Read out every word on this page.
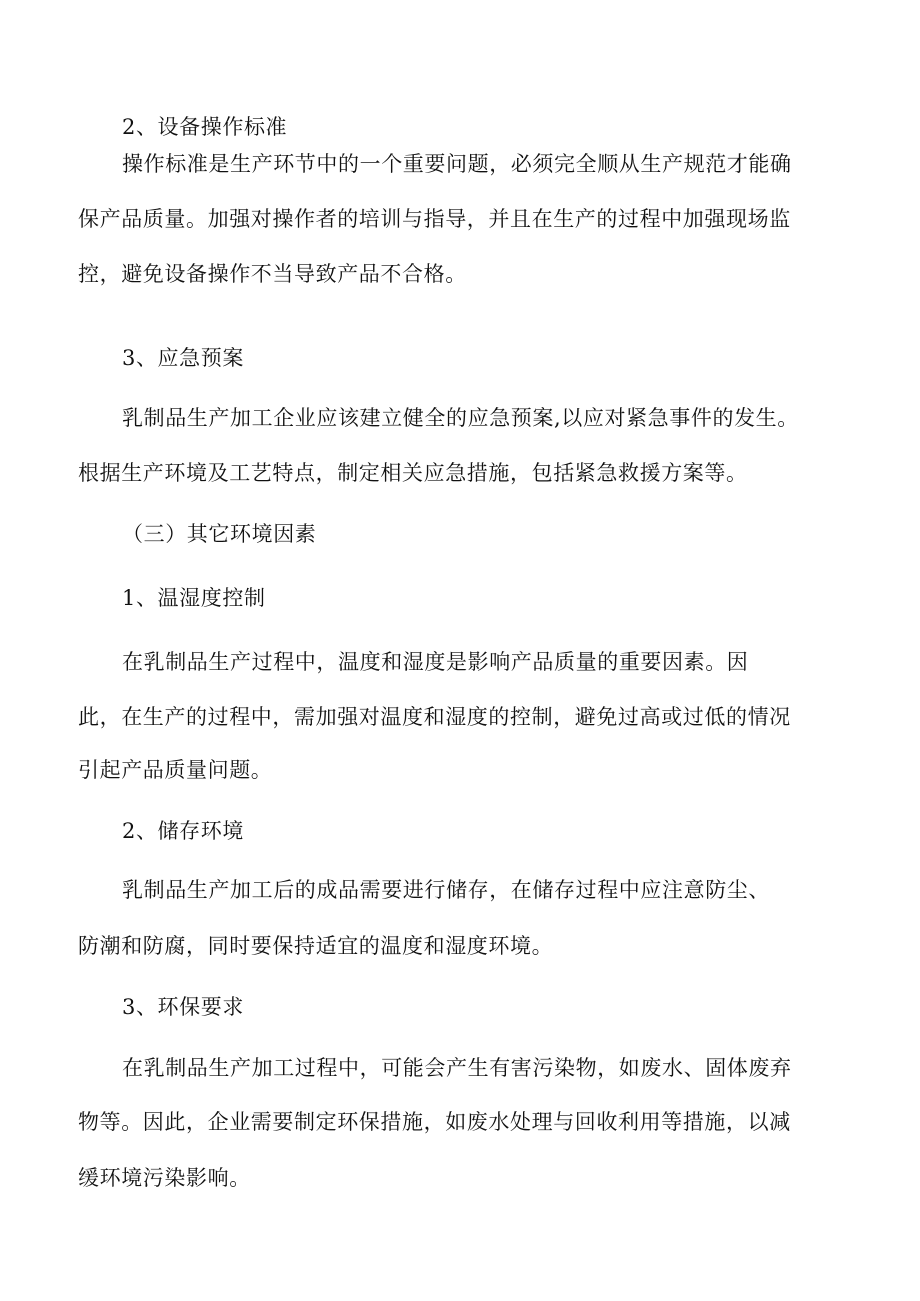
2、设备操作标准
操作标准是生产环节中的一个重要问题，必须完全顺从生产规范才能确
保产品质量。加强对操作者的培训与指导，并且在生产的过程中加强现场监
控，避免设备操作不当导致产品不合格。
3、应急预案
乳制品生产加工企业应该建立健全的应急预案,以应对紧急事件的发生。
根据生产环境及工艺特点，制定相关应急措施，包括紧急救援方案等。
（三）其它环境因素
1、温湿度控制
在乳制品生产过程中，温度和湿度是影响产品质量的重要因素。因
此，在生产的过程中，需加强对温度和湿度的控制，避免过高或过低的情况
引起产品质量问题。
2、储存环境
乳制品生产加工后的成品需要进行储存，在储存过程中应注意防尘、
防潮和防腐，同时要保持适宜的温度和湿度环境。
3、环保要求
在乳制品生产加工过程中，可能会产生有害污染物，如废水、固体废弃
物等。因此，企业需要制定环保措施，如废水处理与回收利用等措施，以减
缓环境污染影响。
